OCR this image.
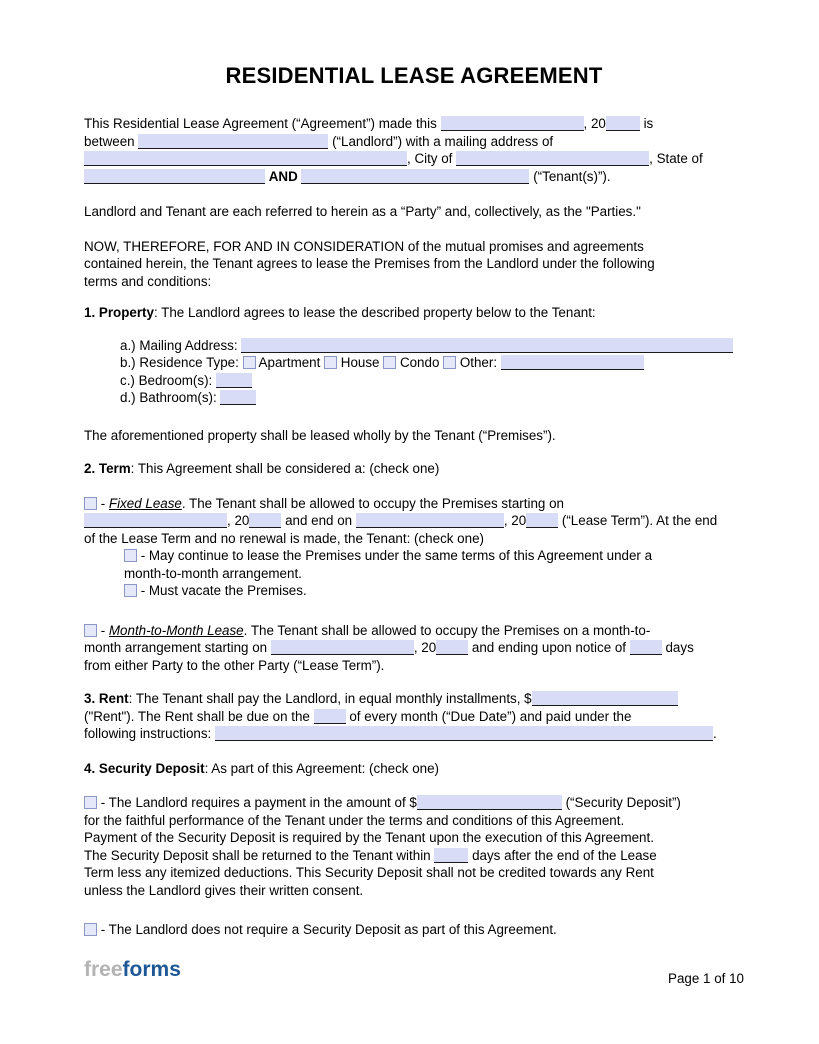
RESIDENTIAL LEASE AGREEMENT
This Residential Lease Agreement (“Agreement”) made this	, 20	is
between	(“Landlord”) with a mailing address of
, City of	, State of
AND	(“Tenant(s)”).
Landlord and Tenant are each referred to herein as a “Party” and, collectively, as the "Parties."
NOW, THEREFORE, FOR AND IN CONSIDERATION of the mutual promises and agreements
contained herein, the Tenant agrees to lease the Premises from the Landlord under the following
terms and conditions:
1. Property: The Landlord agrees to lease the described property below to the Tenant:
a.) Mailing Address:
b.) Residence Type:  Apartment  House  Condo  Other:
c.) Bedroom(s):
d.) Bathroom(s):
The aforementioned property shall be leased wholly by the Tenant (“Premises”).
2. Term: This Agreement shall be considered a: (check one)
- Fixed Lease. The Tenant shall be allowed to occupy the Premises starting on
, 20 and end on	, 20 (“Lease Term”). At the end
of the Lease Term and no renewal is made, the Tenant: (check one)
- May continue to lease the Premises under the same terms of this Agreement under a
month-to-month arrangement.
- Must vacate the Premises.
- Month-to-Month Lease. The Tenant shall be allowed to occupy the Premises on a month-to-
month arrangement starting on	, 20 and ending upon notice of  days
from either Party to the other Party (“Lease Term”).
3. Rent: The Tenant shall pay the Landlord, in equal monthly installments, $
("Rent"). The Rent shall be due on the  of every month (“Due Date”) and paid under the
following instructions:	.
4. Security Deposit: As part of this Agreement: (check one)
- The Landlord requires a payment in the amount of $	(“Security Deposit”)
for the faithful performance of the Tenant under the terms and conditions of this Agreement.
Payment of the Security Deposit is required by the Tenant upon the execution of this Agreement.
The Security Deposit shall be returned to the Tenant within	days after the end of the Lease
Term less any itemized deductions. This Security Deposit shall not be credited towards any Rent
unless the Landlord gives their written consent.
- The Landlord does not require a Security Deposit as part of this Agreement.
freeforms	Page 1 of 10
